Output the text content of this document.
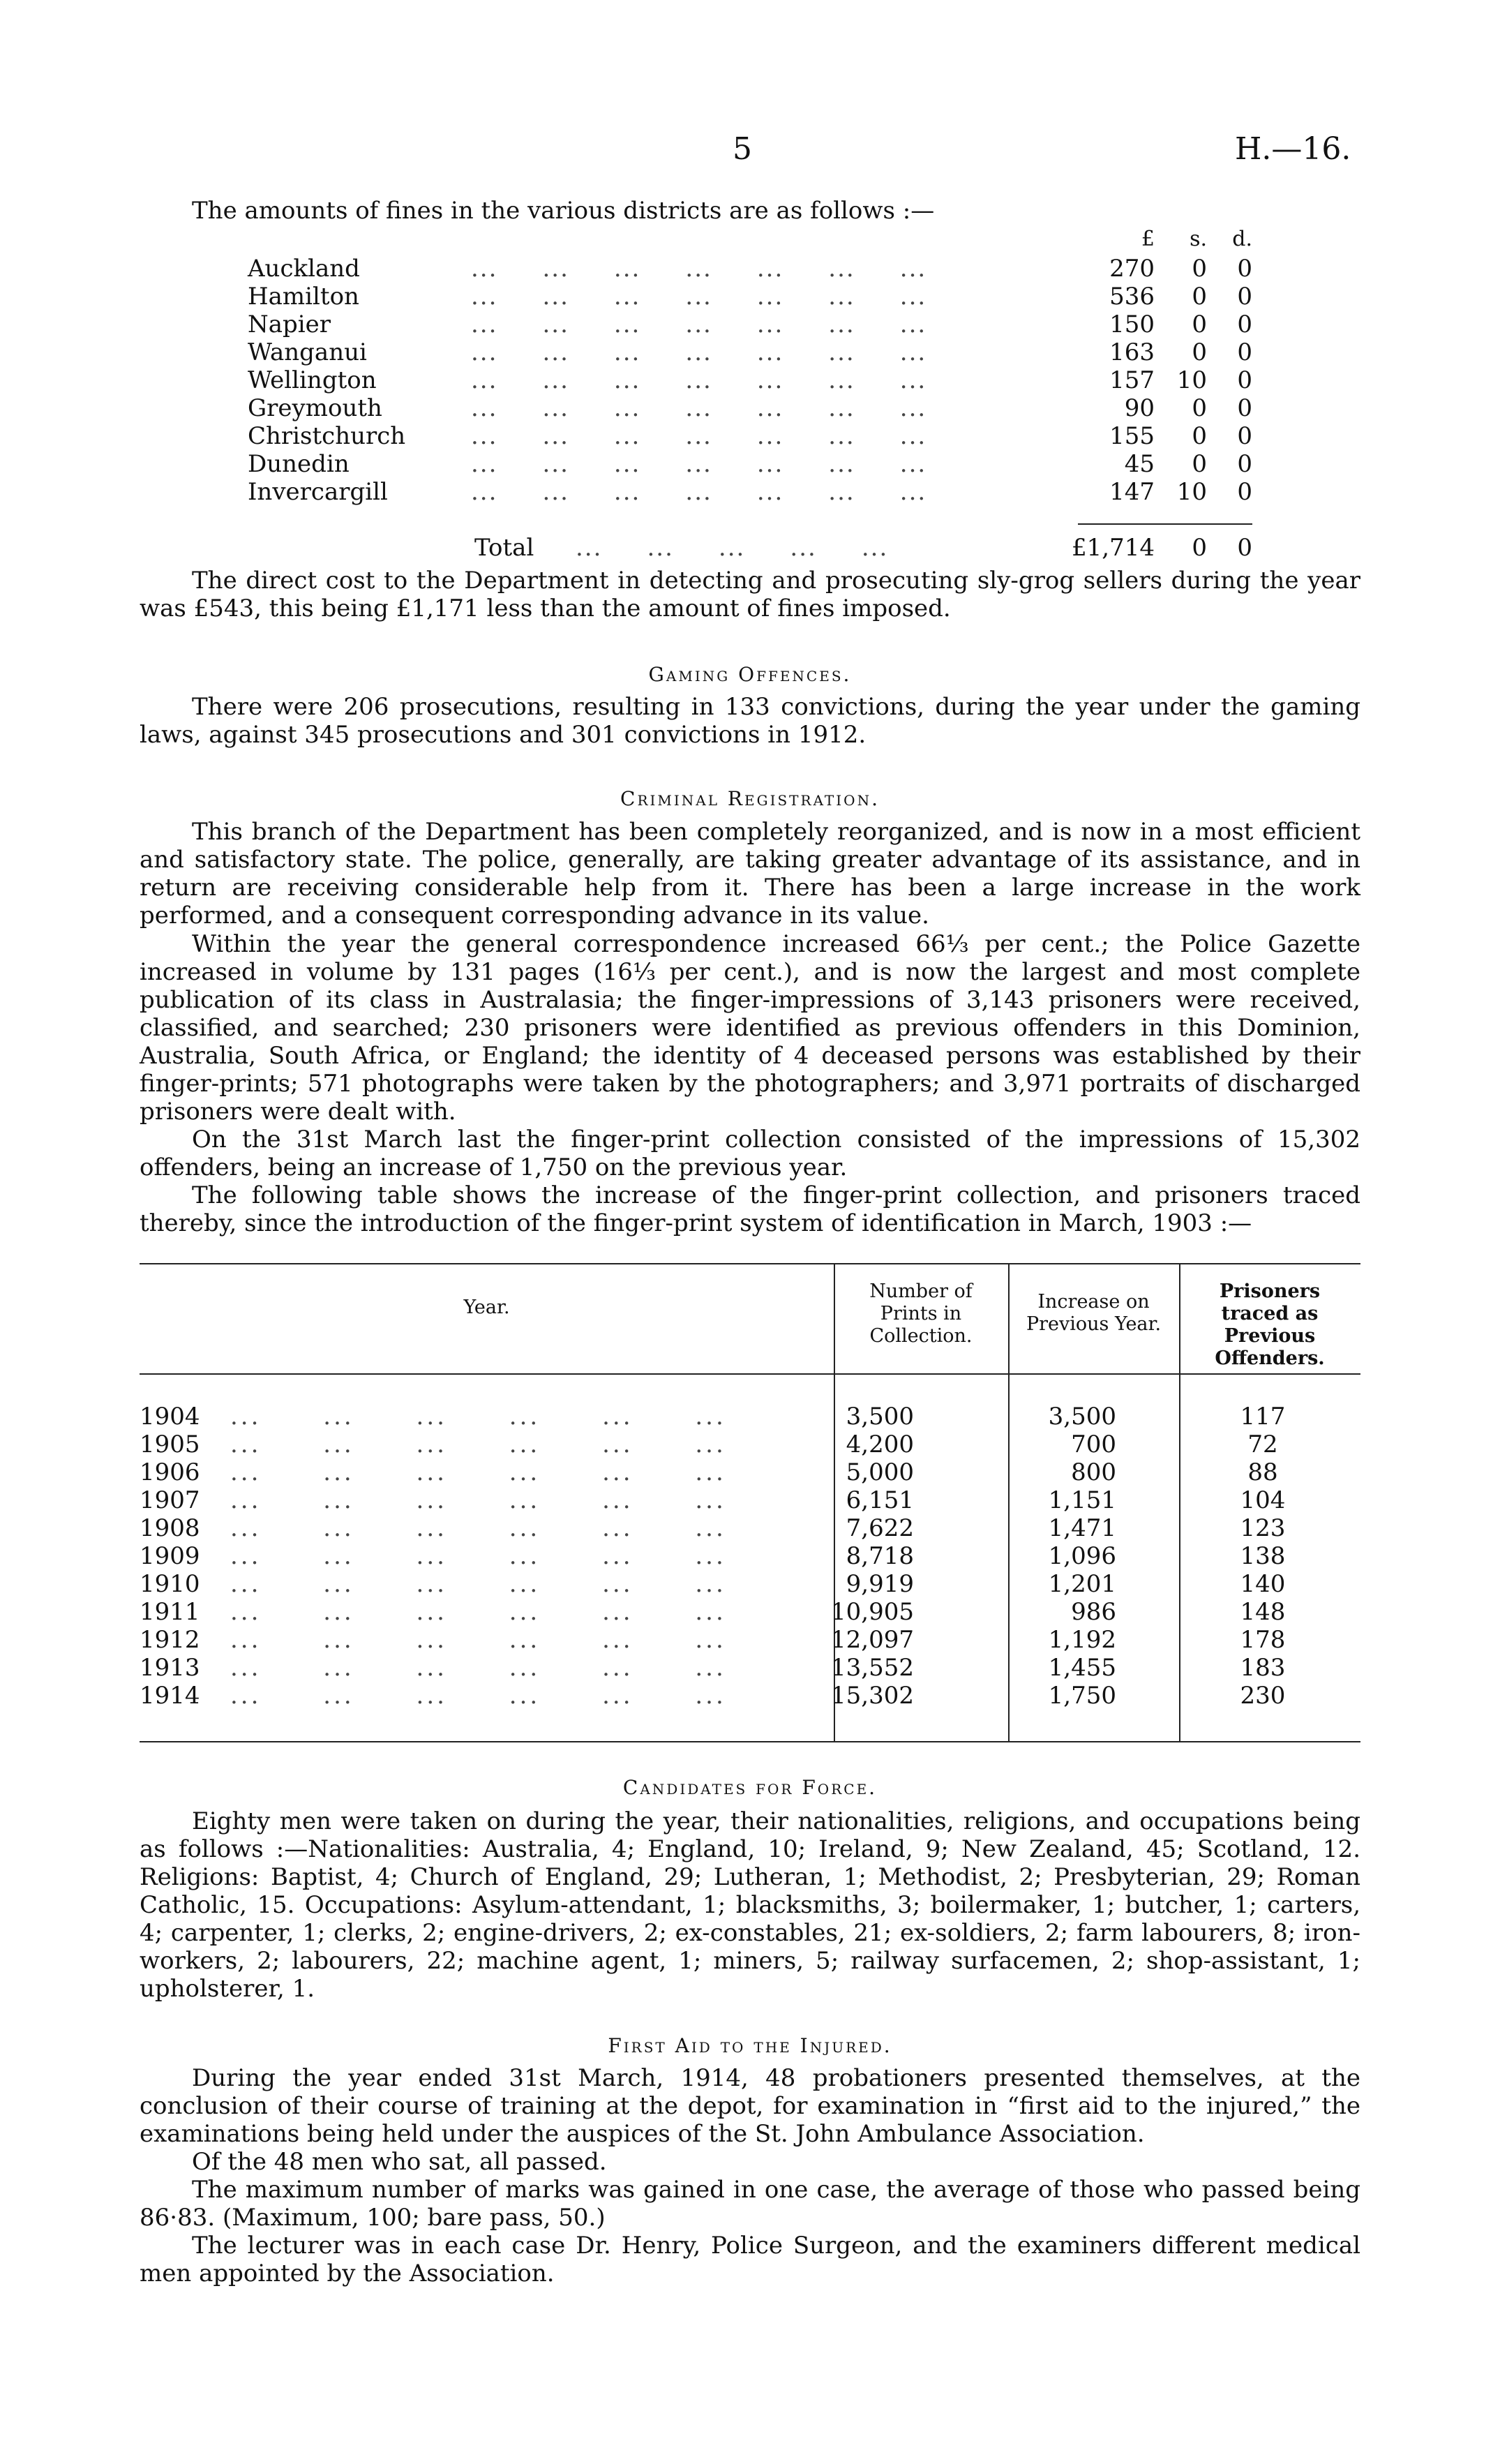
5	H.—16.
The amounts of fines in the various districts are as follows :—
£ s. d.
Auckland	...     ...     ...     ...     ...     ...     ...	270 0 0
Hamilton	...     ...     ...     ...     ...     ...     ...	536 0 0
Napier	...     ...     ...     ...     ...     ...     ...	150 0 0
Wanganui	...     ...     ...     ...     ...     ...     ...	163 0 0
Wellington	...     ...     ...     ...     ...     ...     ...	157 10 0
Greymouth	...     ...     ...     ...     ...     ...     ...	90 0 0
Christchurch	...     ...     ...     ...     ...     ...     ...	155 0 0
Dunedin	...     ...     ...     ...     ...     ...     ...	45 0 0
Invercargill	...     ...     ...     ...     ...     ...     ...	147 10 0
Total ...     ...     ...     ...     ...	£1,714 0 0
The direct cost to the Department in detecting and prosecuting sly-grog sellers during the year was £543, this being £1,171 less than the amount of fines imposed.
Gaming Offences.
There were 206 prosecutions, resulting in 133 convictions, during the year under the gaming laws, against 345 prosecutions and 301 convictions in 1912.
Criminal Registration.
This branch of the Department has been completely reorganized, and is now in a most efficient and satisfactory state. The police, generally, are taking greater advantage of its assistance, and in return are receiving considerable help from it. There has been a large increase in the work performed, and a consequent corresponding advance in its value.
Within the year the general correspondence increased 66⅓ per cent.; the Police Gazette increased in volume by 131 pages (16⅓ per cent.), and is now the largest and most complete publication of its class in Australasia; the finger-impressions of 3,143 prisoners were received, classified, and searched; 230 prisoners were identified as previous offenders in this Dominion, Australia, South Africa, or England; the identity of 4 deceased persons was established by their finger-prints; 571 photographs were taken by the photographers; and 3,971 portraits of discharged prisoners were dealt with.
On the 31st March last the finger-print collection consisted of the impressions of 15,302 offenders, being an increase of 1,750 on the previous year.
The following table shows the increase of the finger-print collection, and prisoners traced thereby, since the introduction of the finger-print system of identification in March, 1903 :—
Year.
Number of Prints in Collection.
Increase on Previous Year.
Prisoners traced as Previous Offenders.
1904 ...      ...      ...      ...      ...      ...	3,500	3,500	117
1905 ...      ...      ...      ...      ...      ...	4,200	700	72
1906 ...      ...      ...      ...      ...      ...	5,000	800	88
1907 ...      ...      ...      ...      ...      ...	6,151	1,151	104
1908 ...      ...      ...      ...      ...      ...	7,622	1,471	123
1909 ...      ...      ...      ...      ...      ...	8,718	1,096	138
1910 ...      ...      ...      ...      ...      ...	9,919	1,201	140
1911 ...      ...      ...      ...      ...      ...	10,905	986	148
1912 ...      ...      ...      ...      ...      ...	12,097	1,192	178
1913 ...      ...      ...      ...      ...      ...	13,552	1,455	183
1914 ...      ...      ...      ...      ...      ...	15,302	1,750	230
Candidates for Force.
Eighty men were taken on during the year, their nationalities, religions, and occupations being as follows :—Nationalities: Australia, 4; England, 10; Ireland, 9; New Zealand, 45; Scotland, 12. Religions: Baptist, 4; Church of England, 29; Lutheran, 1; Methodist, 2; Presbyterian, 29; Roman Catholic, 15. Occupations: Asylum-attendant, 1; blacksmiths, 3; boilermaker, 1; butcher, 1; carters, 4; carpenter, 1; clerks, 2; engine-drivers, 2; ex-constables, 21; ex-soldiers, 2; farm labourers, 8; iron-workers, 2; labourers, 22; machine agent, 1; miners, 5; railway surfacemen, 2; shop-assistant, 1; upholsterer, 1.
First Aid to the Injured.
During the year ended 31st March, 1914, 48 probationers presented themselves, at the conclusion of their course of training at the depot, for examination in “first aid to the injured,” the examinations being held under the auspices of the St. John Ambulance Association.
Of the 48 men who sat, all passed.
The maximum number of marks was gained in one case, the average of those who passed being 86·83. (Maximum, 100; bare pass, 50.)
The lecturer was in each case Dr. Henry, Police Surgeon, and the examiners different medical men appointed by the Association.
